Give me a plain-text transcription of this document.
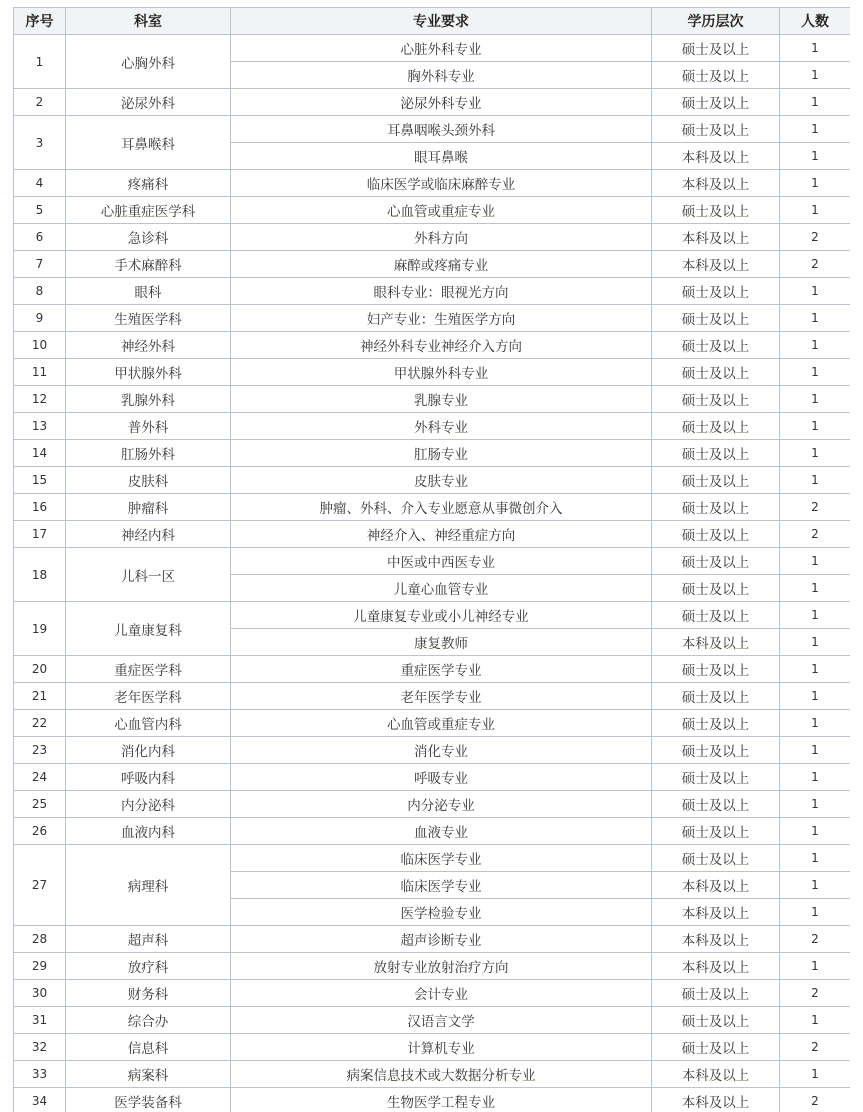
序号	科室	专业要求	学历层次	人数
1	心胸外科	心脏外科专业	硕士及以上	1
		胸外科专业	硕士及以上	1
2	泌尿外科	泌尿外科专业	硕士及以上	1
3	耳鼻喉科	耳鼻咽喉头颈外科	硕士及以上	1
		眼耳鼻喉	本科及以上	1
4	疼痛科	临床医学或临床麻醉专业	本科及以上	1
5	心脏重症医学科	心血管或重症专业	硕士及以上	1
6	急诊科	外科方向	本科及以上	2
7	手术麻醉科	麻醉或疼痛专业	本科及以上	2
8	眼科	眼科专业：眼视光方向	硕士及以上	1
9	生殖医学科	妇产专业：生殖医学方向	硕士及以上	1
10	神经外科	神经外科专业神经介入方向	硕士及以上	1
11	甲状腺外科	甲状腺外科专业	硕士及以上	1
12	乳腺外科	乳腺专业	硕士及以上	1
13	普外科	外科专业	硕士及以上	1
14	肛肠外科	肛肠专业	硕士及以上	1
15	皮肤科	皮肤专业	硕士及以上	1
16	肿瘤科	肿瘤、外科、介入专业愿意从事微创介入	硕士及以上	2
17	神经内科	神经介入、神经重症方向	硕士及以上	2
18	儿科一区	中医或中西医专业	硕士及以上	1
		儿童心血管专业	硕士及以上	1
19	儿童康复科	儿童康复专业或小儿神经专业	硕士及以上	1
		康复教师	本科及以上	1
20	重症医学科	重症医学专业	硕士及以上	1
21	老年医学科	老年医学专业	硕士及以上	1
22	心血管内科	心血管或重症专业	硕士及以上	1
23	消化内科	消化专业	硕士及以上	1
24	呼吸内科	呼吸专业	硕士及以上	1
25	内分泌科	内分泌专业	硕士及以上	1
26	血液内科	血液专业	硕士及以上	1
27	病理科	临床医学专业	硕士及以上	1
		临床医学专业	本科及以上	1
		医学检验专业	本科及以上	1
28	超声科	超声诊断专业	本科及以上	2
29	放疗科	放射专业放射治疗方向	本科及以上	1
30	财务科	会计专业	硕士及以上	2
31	综合办	汉语言文学	硕士及以上	1
32	信息科	计算机专业	硕士及以上	2
33	病案科	病案信息技术或大数据分析专业	本科及以上	1
34	医学装备科	生物医学工程专业	本科及以上	2
